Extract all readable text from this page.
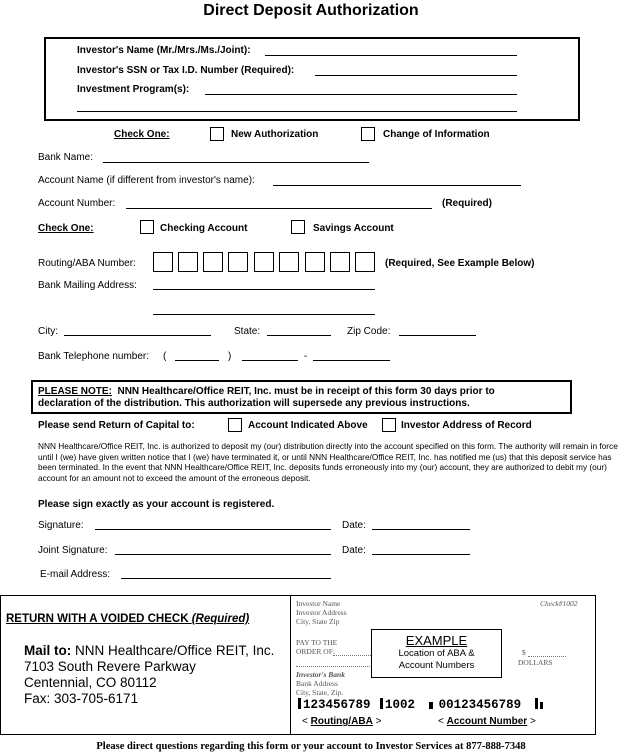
Direct Deposit Authorization
Investor's Name (Mr./Mrs./Ms./Joint):
Investor's SSN or Tax I.D. Number (Required):
Investment Program(s):
Check One:	New Authorization	Change of Information
Bank Name:
Account Name (if different from investor's name):
Account Number:	(Required)
Check One:	Checking Account	Savings Account
Routing/ABA Number:	(Required, See Example Below)
Bank Mailing Address:
City:	State:	Zip Code:
Bank Telephone number: (	)	-
PLEASE NOTE: NNN Healthcare/Office REIT, Inc. must be in receipt of this form 30 days prior to
declaration of the distribution. This authorization will supersede any previous instructions.
Please send Return of Capital to:	Account Indicated Above	Investor Address of Record
NNN Healthcare/Office REIT, Inc. is authorized to deposit my (our) distribution directly into the account specified on this form. The authority will remain in force until I (we) have given written notice that I (we) have terminated it, or until NNN Healthcare/Office REIT, Inc. has notified me (us) that this deposit service has been terminated. In the event that NNN Healthcare/Office REIT, Inc. deposits funds erroneously into my (our) account, they are authorized to debit my (our) account for an amount not to exceed the amount of the erroneous deposit.
Please sign exactly as your account is registered.
Signature:	Date:
Joint Signature:	Date:
E-mail Address:
RETURN WITH A VOIDED CHECK (Required)
Mail to: NNN Healthcare/Office REIT, Inc.
7103 South Revere Parkway
Centennial, CO 80112
Fax: 303-705-6171
Investor Name
Investor Address
City, State Zip
Check#1002
PAY TO THE
ORDER OF:	$
DOLLARS
Investor's Bank
Bank Address
City, State, Zip.
EXAMPLE
Location of ABA &
Account Numbers
123456789 1002 00123456789
< Routing/ABA >	< Account Number >
Please direct questions regarding this form or your account to Investor Services at 877-888-7348
